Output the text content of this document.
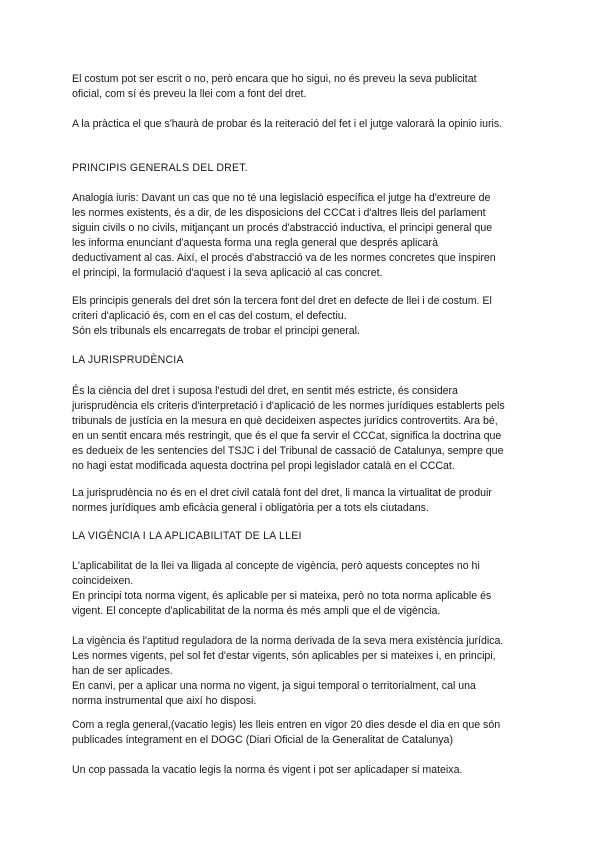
El costum pot ser escrit o no, però encara que ho sigui, no és preveu la seva publicitat
oficial, com sí és preveu la llei com a font del dret.

A la pràctica el que s'haurà de probar és la reiteració del fet i el jutge valorarà la opinio iuris.

PRINCIPIS GENERALS DEL DRET.

Analogia iuris: Davant un cas que no té una legislació específica el jutge ha d'extreure de
les normes existents, és a dir, de les disposicions del CCCat i d'altres lleis del parlament
siguin civils o no civils, mitjançant un procés d'abstracció inductiva, el principi general que
les informa enunciant d'aquesta forma una regla general que després aplicarà
deductivament al cas. Així, el procés d'abstracció va de les normes concretes que inspiren
el principi, la formulació d'aquest i la seva aplicació al cas concret.

Els principis generals del dret són la tercera font del dret en defecte de llei i de costum. El
criteri d'aplicació és, com en el cas del costum, el defectiu.
Són els tribunals els encarregats de trobar el principi general.

LA JURISPRUDÈNCIA

És la ciència del dret i suposa l'estudi del dret, en sentit més estricte, és considera
jurisprudència els criteris d'interpretació i d'aplicació de les normes jurídiques establerts pels
tribunals de justícia en la mesura en què decideixen aspectes jurídics controvertits. Ara bé,
en un sentit encara més restringit, que és el que fa servir el CCCat, significa la doctrina que
es dedueix de les sentencies del TSJC i del Tribunal de cassació de Catalunya, sempre que
no hagi estat modificada aquesta doctrina pel propi legislador català en el CCCat.

La jurisprudència no és en el dret civil català font del dret, li manca la virtualitat de produir
normes jurídiques amb eficàcia general i obligatòria per a tots els ciutadans.

LA VIGÈNCIA I LA APLICABILITAT DE LA LLEI

L'aplicabilitat de la llei va lligada al concepte de vigència, però aquests conceptes no hi
coincideixen.
En principi tota norma vigent, és aplicable per si mateixa, però no tota norma aplicable és
vigent. El concepte d'aplicabilitat de la norma és més ampli que el de vigència.

La vigència és l'aptitud reguladora de la norma derivada de la seva mera existència jurídica.
Les normes vigents, pel sol fet d'estar vigents, són aplicables per si mateixes i, en principi,
han de ser aplicades.
En canvi, per a aplicar una norma no vigent, ja sigui temporal o territorialment, cal una
norma instrumental que així ho disposi.

Com a regla general,(vacatio legis) les lleis entren en vigor 20 dies desde el dia en que són
publicades íntegrament en el DOGC (Diari Oficial de la Generalitat de Catalunya)

Un cop passada la vacatio legis la norma és vigent i pot ser aplicadaper si mateixa.
